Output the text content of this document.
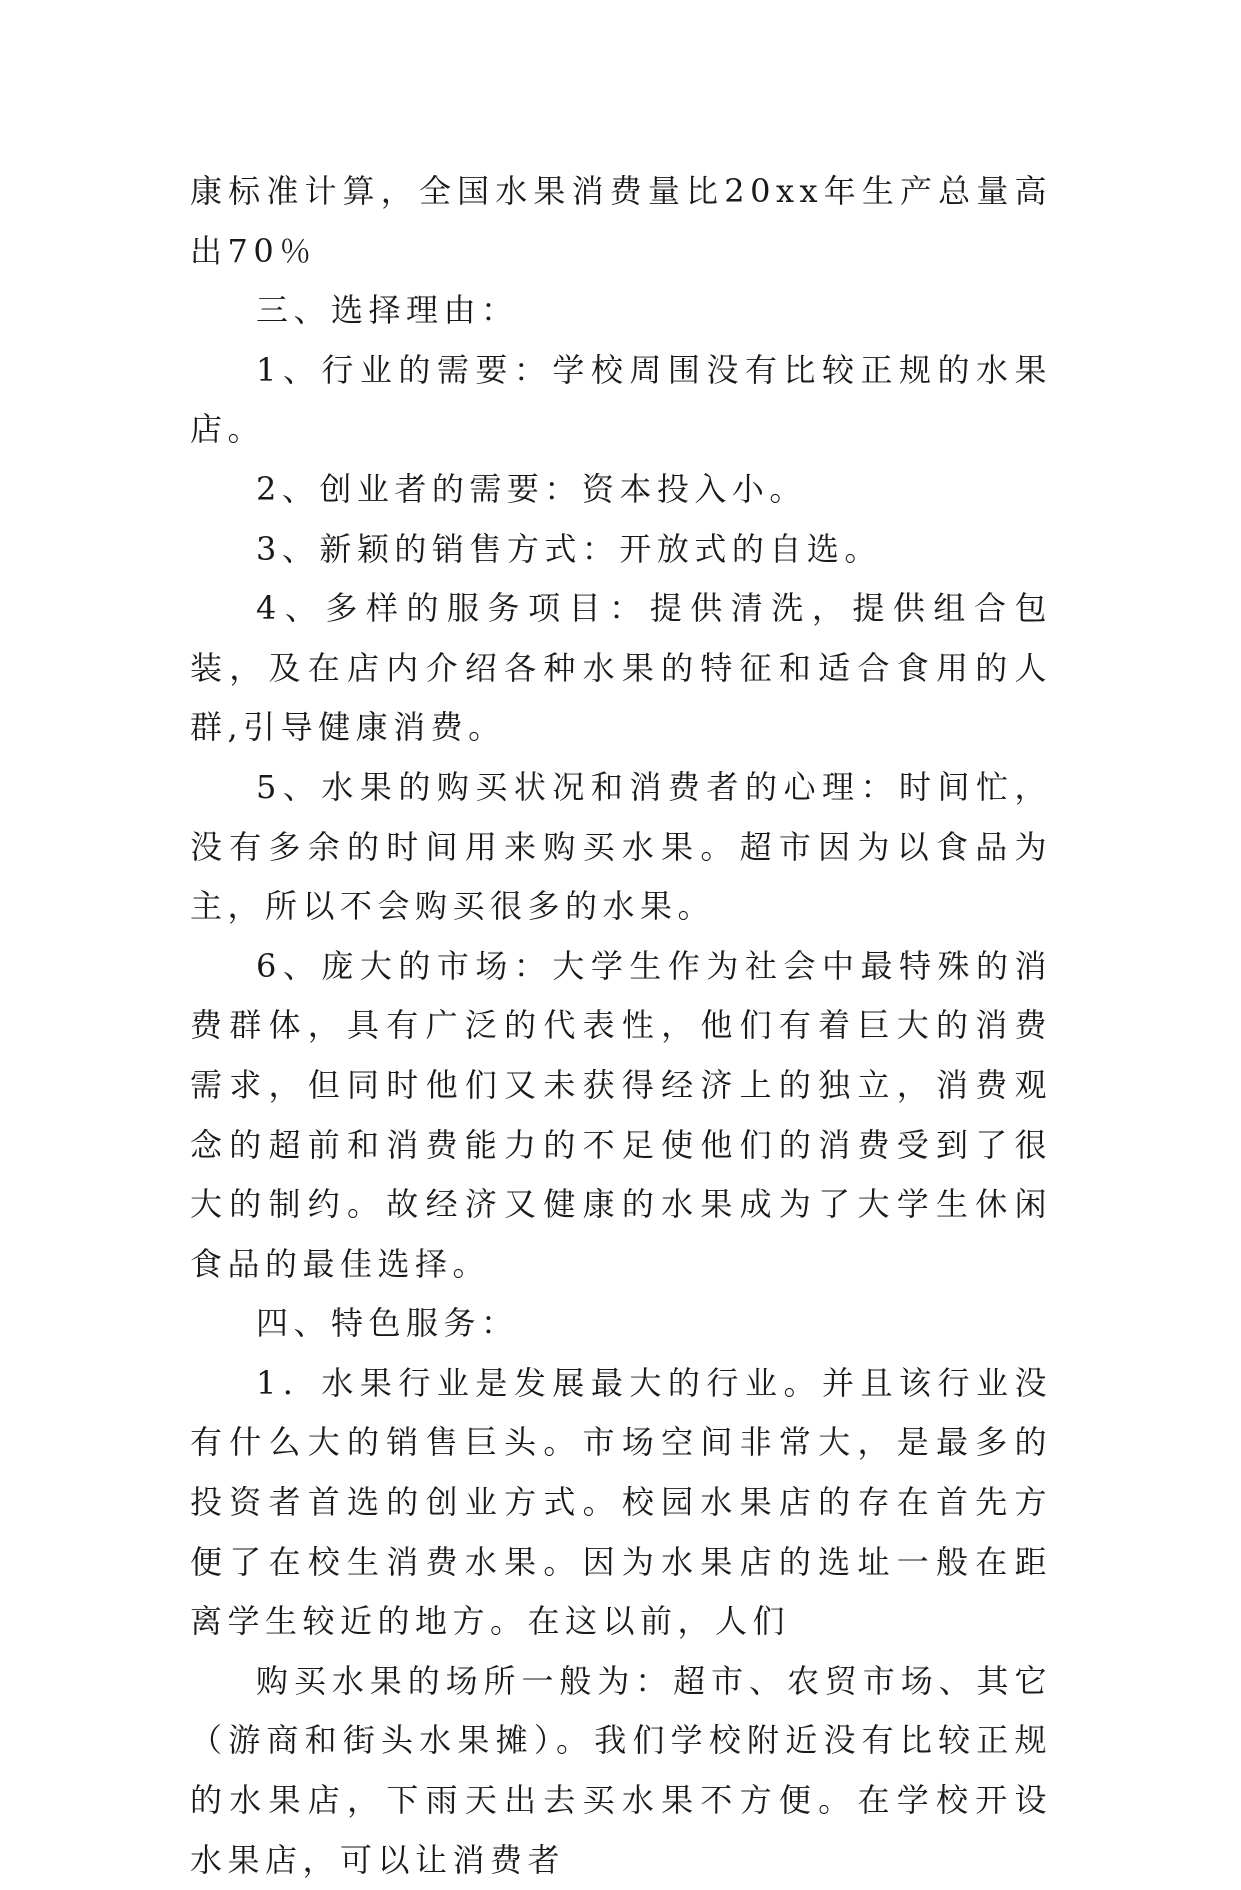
康标准计算，全国水果消费量比20xx年生产总量高出70％

三、选择理由：

1、行业的需要：学校周围没有比较正规的水果店。

2、创业者的需要：资本投入小。

3、新颖的销售方式：开放式的自选。

4、多样的服务项目：提供清洗，提供组合包装，及在店内介绍各种水果的特征和适合食用的人群,引导健康消费。

5、水果的购买状况和消费者的心理：时间忙，没有多余的时间用来购买水果。超市因为以食品为主，所以不会购买很多的水果。

6、庞大的市场：大学生作为社会中最特殊的消费群体，具有广泛的代表性，他们有着巨大的消费需求，但同时他们又未获得经济上的独立，消费观念的超前和消费能力的不足使他们的消费受到了很大的制约。故经济又健康的水果成为了大学生休闲食品的最佳选择。

四、特色服务：

1．水果行业是发展最大的行业。并且该行业没有什么大的销售巨头。市场空间非常大，是最多的投资者首选的创业方式。校园水果店的存在首先方便了在校生消费水果。因为水果店的选址一般在距离学生较近的地方。在这以前，人们

购买水果的场所一般为：超市、农贸市场、其它（游商和街头水果摊）。我们学校附近没有比较正规的水果店，下雨天出去买水果不方便。在学校开设水果店，可以让消费者
